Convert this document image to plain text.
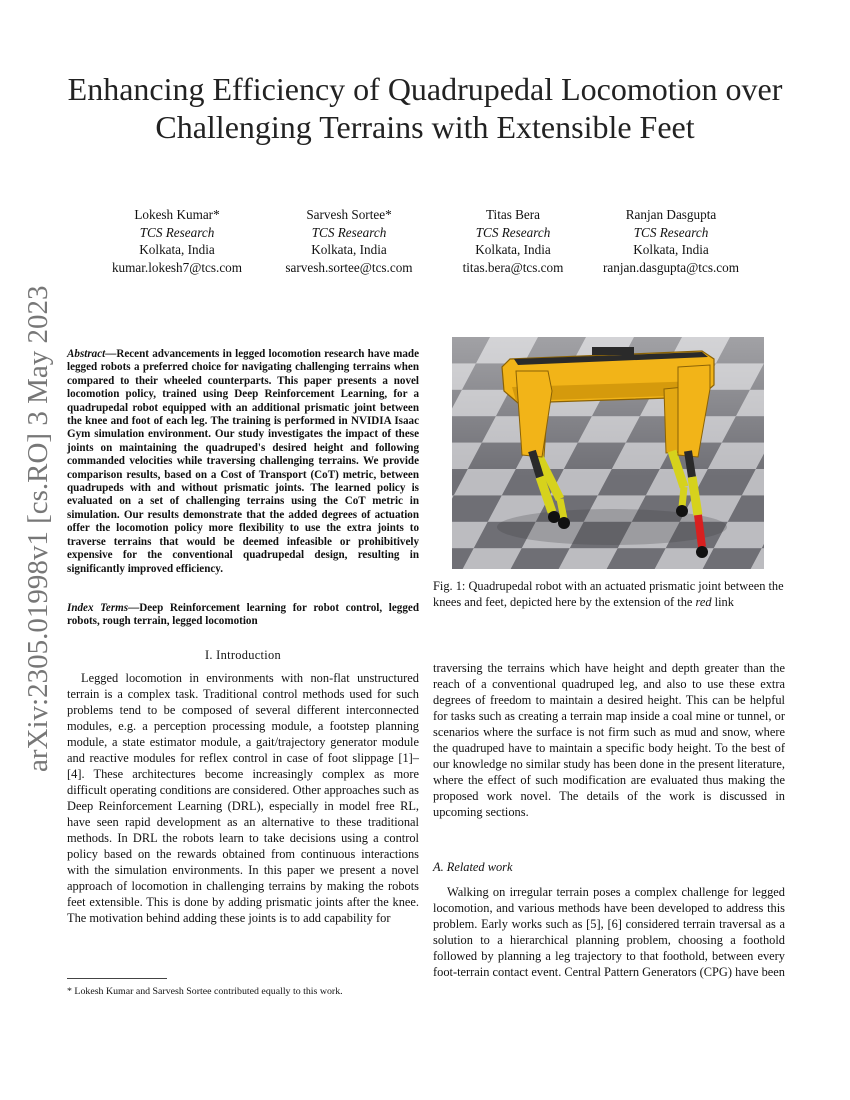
Enhancing Efficiency of Quadrupedal Locomotion over Challenging Terrains with Extensible Feet
Lokesh Kumar*
TCS Research
Kolkata, India
kumar.lokesh7@tcs.com
Sarvesh Sortee*
TCS Research
Kolkata, India
sarvesh.sortee@tcs.com
Titas Bera
TCS Research
Kolkata, India
titas.bera@tcs.com
Ranjan Dasgupta
TCS Research
Kolkata, India
ranjan.dasgupta@tcs.com
arXiv:2305.01998v1 [cs.RO] 3 May 2023 Abstract—Recent advancements in legged locomotion research have made legged robots a preferred choice for navigating challenging terrains when compared to their wheeled counterparts. This paper presents a novel locomotion policy, trained using Deep Reinforcement Learning, for a quadrupedal robot equipped with an additional prismatic joint between the knee and foot of each leg. The training is performed in NVIDIA Isaac Gym simulation environment. Our study investigates the impact of these joints on maintaining the quadruped's desired height and following commanded velocities while traversing challenging terrains. We provide comparison results, based on a Cost of Transport (CoT) metric, between quadrupeds with and without prismatic joints. The learned policy is evaluated on a set of challenging terrains using the CoT metric in simulation. Our results demonstrate that the added degrees of actuation offer the locomotion policy more flexibility to use the extra joints to traverse terrains that would be deemed infeasible or prohibitively expensive for the conventional quadrupedal design, resulting in significantly improved efficiency.
Index Terms—Deep Reinforcement learning for robot control, legged robots, rough terrain, legged locomotion
I. Introduction
Legged locomotion in environments with non-flat unstructured terrain is a complex task. Traditional control methods used for such problems tend to be composed of several different interconnected modules, e.g. a perception processing module, a footstep planning module, a state estimator module, a gait/trajectory generator module and reactive modules for reflex control in case of foot slippage [1]–[4]. These architectures become increasingly complex as more difficult operating conditions are considered. Other approaches such as Deep Reinforcement Learning (DRL), especially in model free RL, have seen rapid development as an alternative to these traditional methods. In DRL the robots learn to take decisions using a control policy based on the rewards obtained from continuous interactions with the simulation environments. In this paper we present a novel approach of locomotion in challenging terrains by making the robots feet extensible. This is done by adding prismatic joints after the knee. The motivation behind adding these joints is to add capability for
* Lokesh Kumar and Sarvesh Sortee contributed equally to this work.
Fig. 1: Quadrupedal robot with an actuated prismatic joint between the knees and feet, depicted here by the extension of the red link
traversing the terrains which have height and depth greater than the reach of a conventional quadruped leg, and also to use these extra degrees of freedom to maintain a desired height. This can be helpful for tasks such as creating a terrain map inside a coal mine or tunnel, or scenarios where the surface is not firm such as mud and snow, where the quadruped have to maintain a specific body height. To the best of our knowledge no similar study has been done in the present literature, where the effect of such modification are evaluated thus making the proposed work novel. The details of the work is discussed in upcoming sections.
A. Related work
Walking on irregular terrain poses a complex challenge for legged locomotion, and various methods have been developed to address this problem. Early works such as [5], [6] considered terrain traversal as a solution to a hierarchical planning problem, choosing a foothold followed by planning a leg trajectory to that foothold, between every foot-terrain contact event. Central Pattern Generators (CPG) have been
